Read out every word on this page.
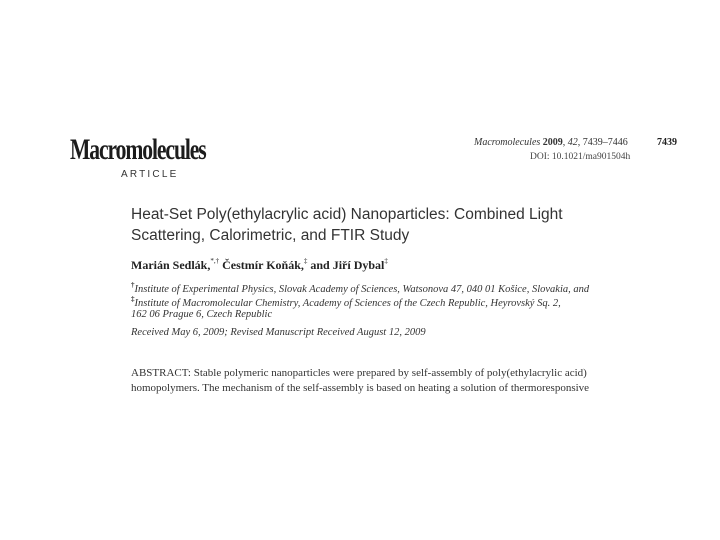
Macromolecules
ARTICLE
Macromolecules 2009, 42, 7439–7446	7439
DOI: 10.1021/ma901504h
Heat-Set Poly(ethylacrylic acid) Nanoparticles: Combined Light
Scattering, Calorimetric, and FTIR Study
Marián Sedlák,*,† Čestmír Koňák,‡ and Jiří Dybal‡
†Institute of Experimental Physics, Slovak Academy of Sciences, Watsonova 47, 040 01 Košice, Slovakia, and
‡Institute of Macromolecular Chemistry, Academy of Sciences of the Czech Republic, Heyrovský Sq. 2,
162 06 Prague 6, Czech Republic
Received May 6, 2009; Revised Manuscript Received August 12, 2009
ABSTRACT: Stable polymeric nanoparticles were prepared by self-assembly of poly(ethylacrylic acid)
homopolymers. The mechanism of the self-assembly is based on heating a solution of thermoresponsive
